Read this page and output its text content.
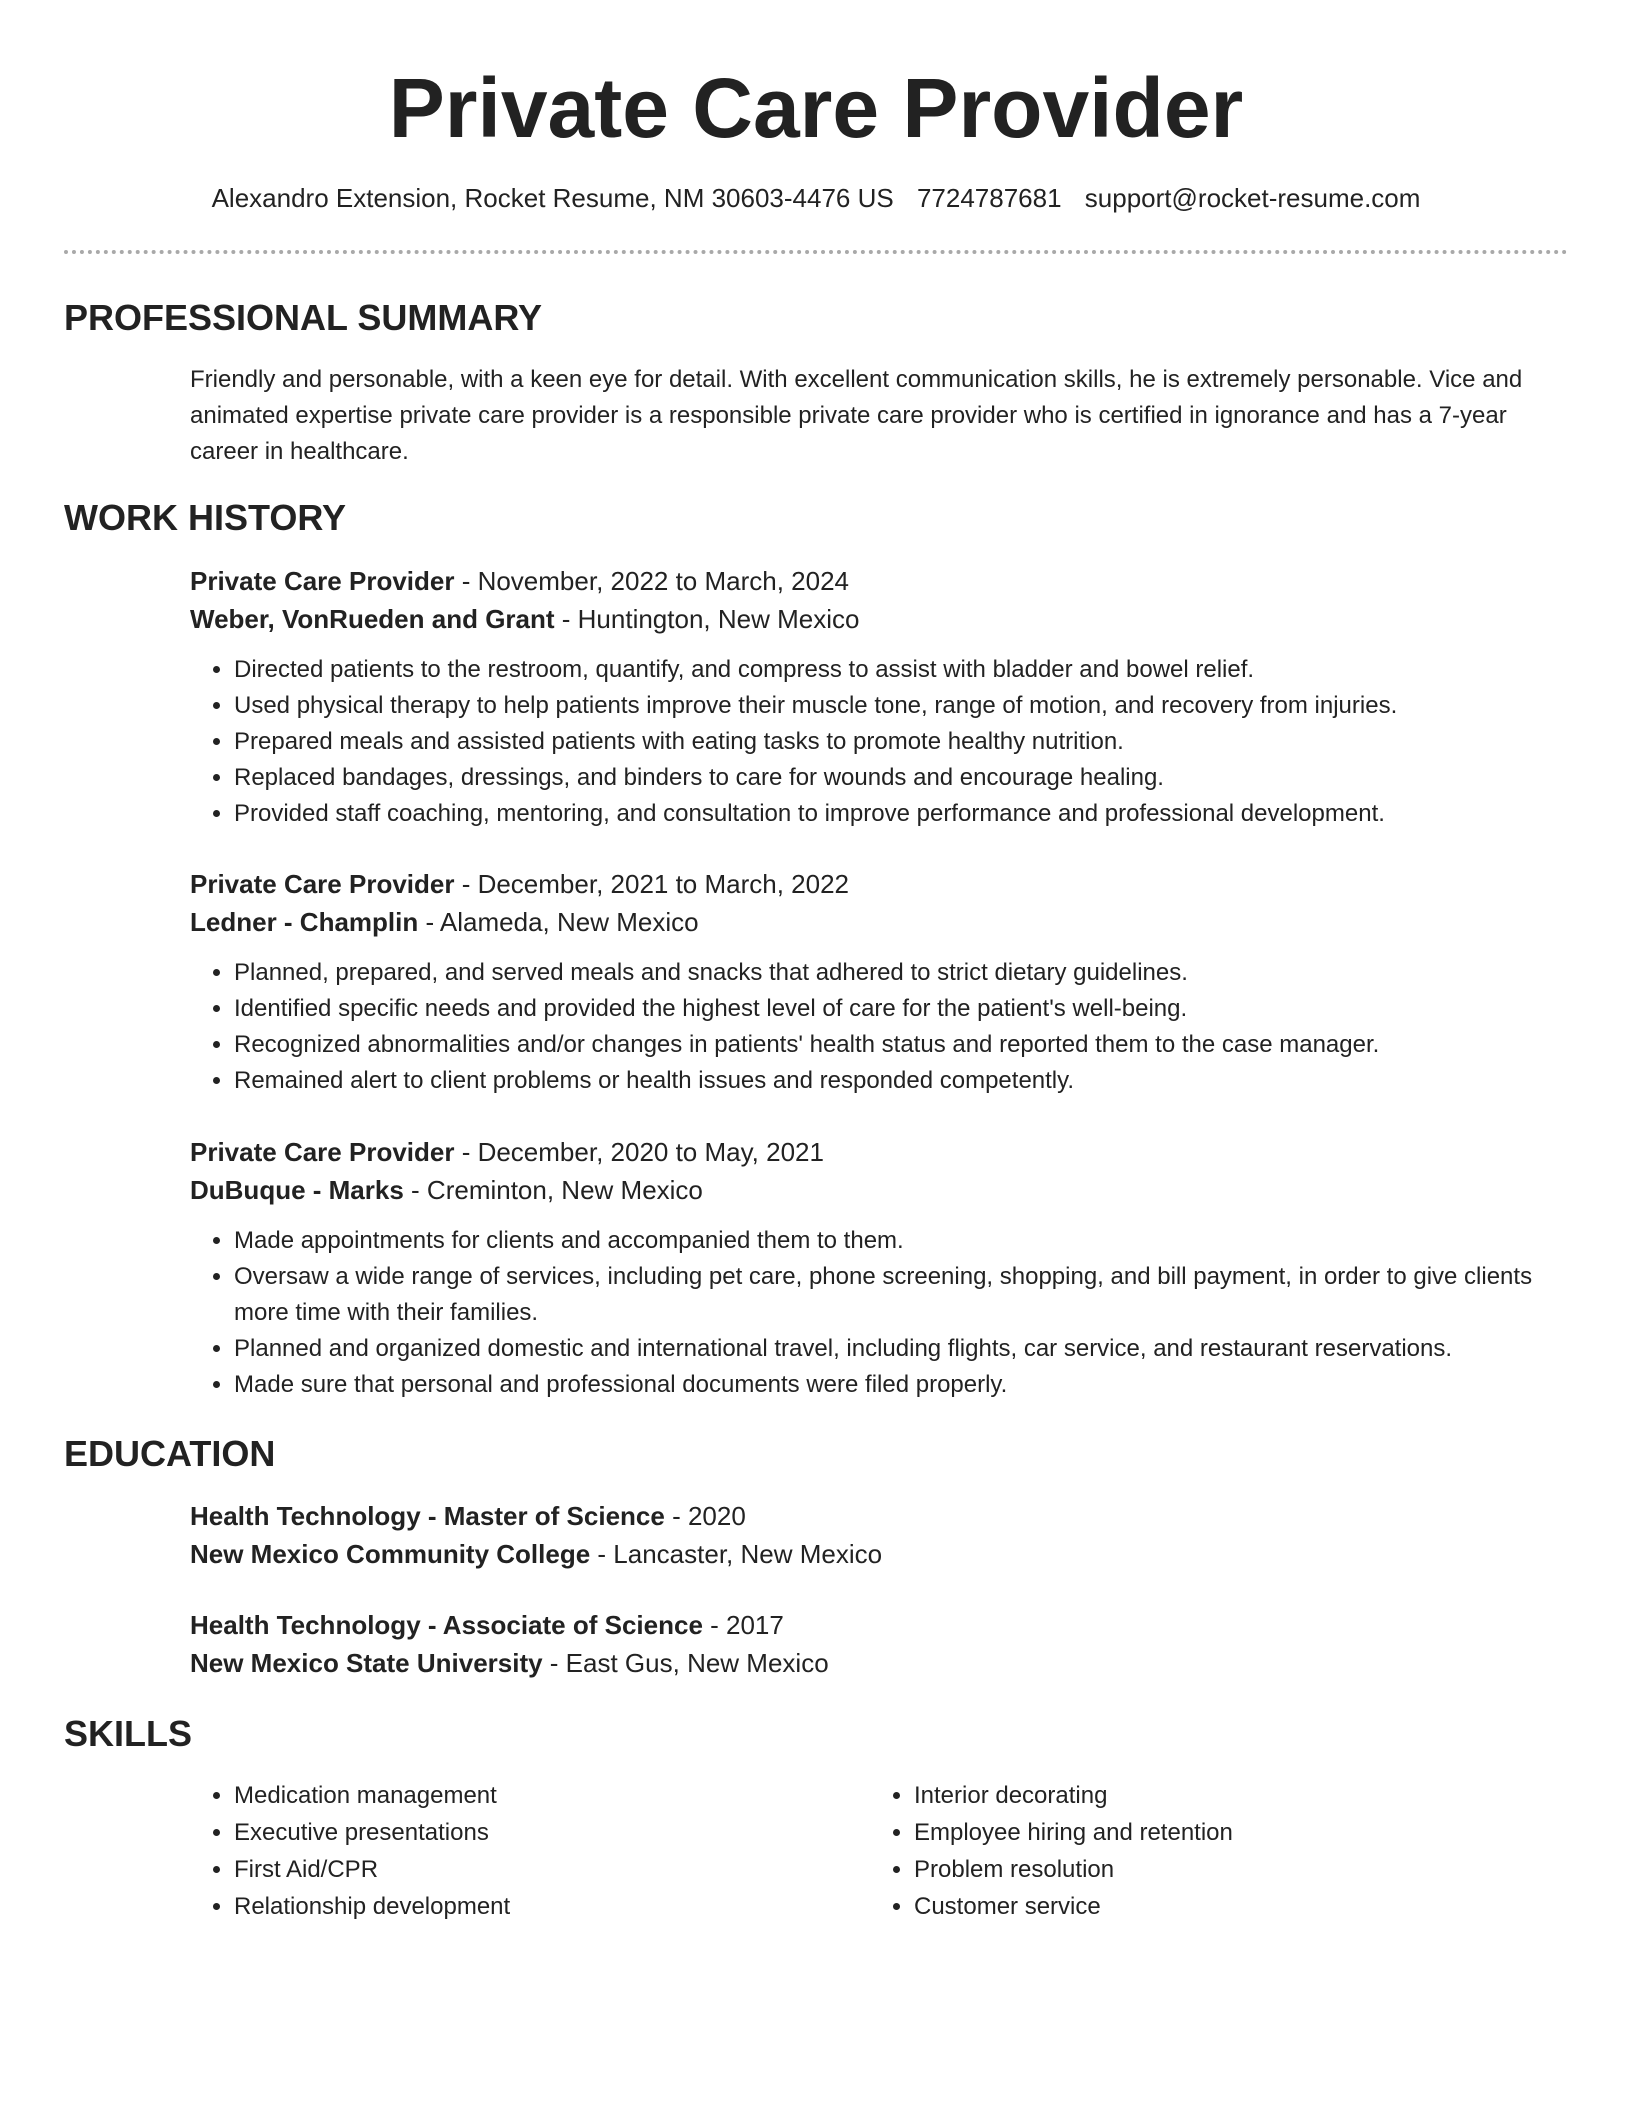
Private Care Provider
Alexandro Extension, Rocket Resume, NM 30603-4476 US 7724787681 support@rocket-resume.com
PROFESSIONAL SUMMARY

Friendly and personable, with a keen eye for detail. With excellent communication skills, he is extremely personable. Vice and animated expertise private care provider is a responsible private care provider who is certified in ignorance and has a 7-year career in healthcare.

WORK HISTORY

Private Care Provider - November, 2022 to March, 2024

Weber, VonRueden and Grant - Huntington, New Mexico

• Directed patients to the restroom, quantify, and compress to assist with bladder and bowel relief.
• Used physical therapy to help patients improve their muscle tone, range of motion, and recovery from injuries.
• Prepared meals and assisted patients with eating tasks to promote healthy nutrition.
• Replaced bandages, dressings, and binders to care for wounds and encourage healing.
• Provided staff coaching, mentoring, and consultation to improve performance and professional development.

Private Care Provider - December, 2021 to March, 2022

Ledner - Champlin - Alameda, New Mexico

• Planned, prepared, and served meals and snacks that adhered to strict dietary guidelines.
• Identified specific needs and provided the highest level of care for the patient's well-being.
• Recognized abnormalities and/or changes in patients' health status and reported them to the case manager.
• Remained alert to client problems or health issues and responded competently.

Private Care Provider - December, 2020 to May, 2021

DuBuque - Marks - Creminton, New Mexico

• Made appointments for clients and accompanied them to them.
• Oversaw a wide range of services, including pet care, phone screening, shopping, and bill payment, in order to give clients more time with their families.
• Planned and organized domestic and international travel, including flights, car service, and restaurant reservations.
• Made sure that personal and professional documents were filed properly.
EDUCATION

Health Technology - Master of Science - 2020

New Mexico Community College - Lancaster, New Mexico

Health Technology - Associate of Science - 2017

New Mexico State University - East Gus, New Mexico

SKILLS
• Medication management
• Executive presentations
• First Aid/CPR
• Relationship development
• Interior decorating
• Employee hiring and retention
• Problem resolution
• Customer service
